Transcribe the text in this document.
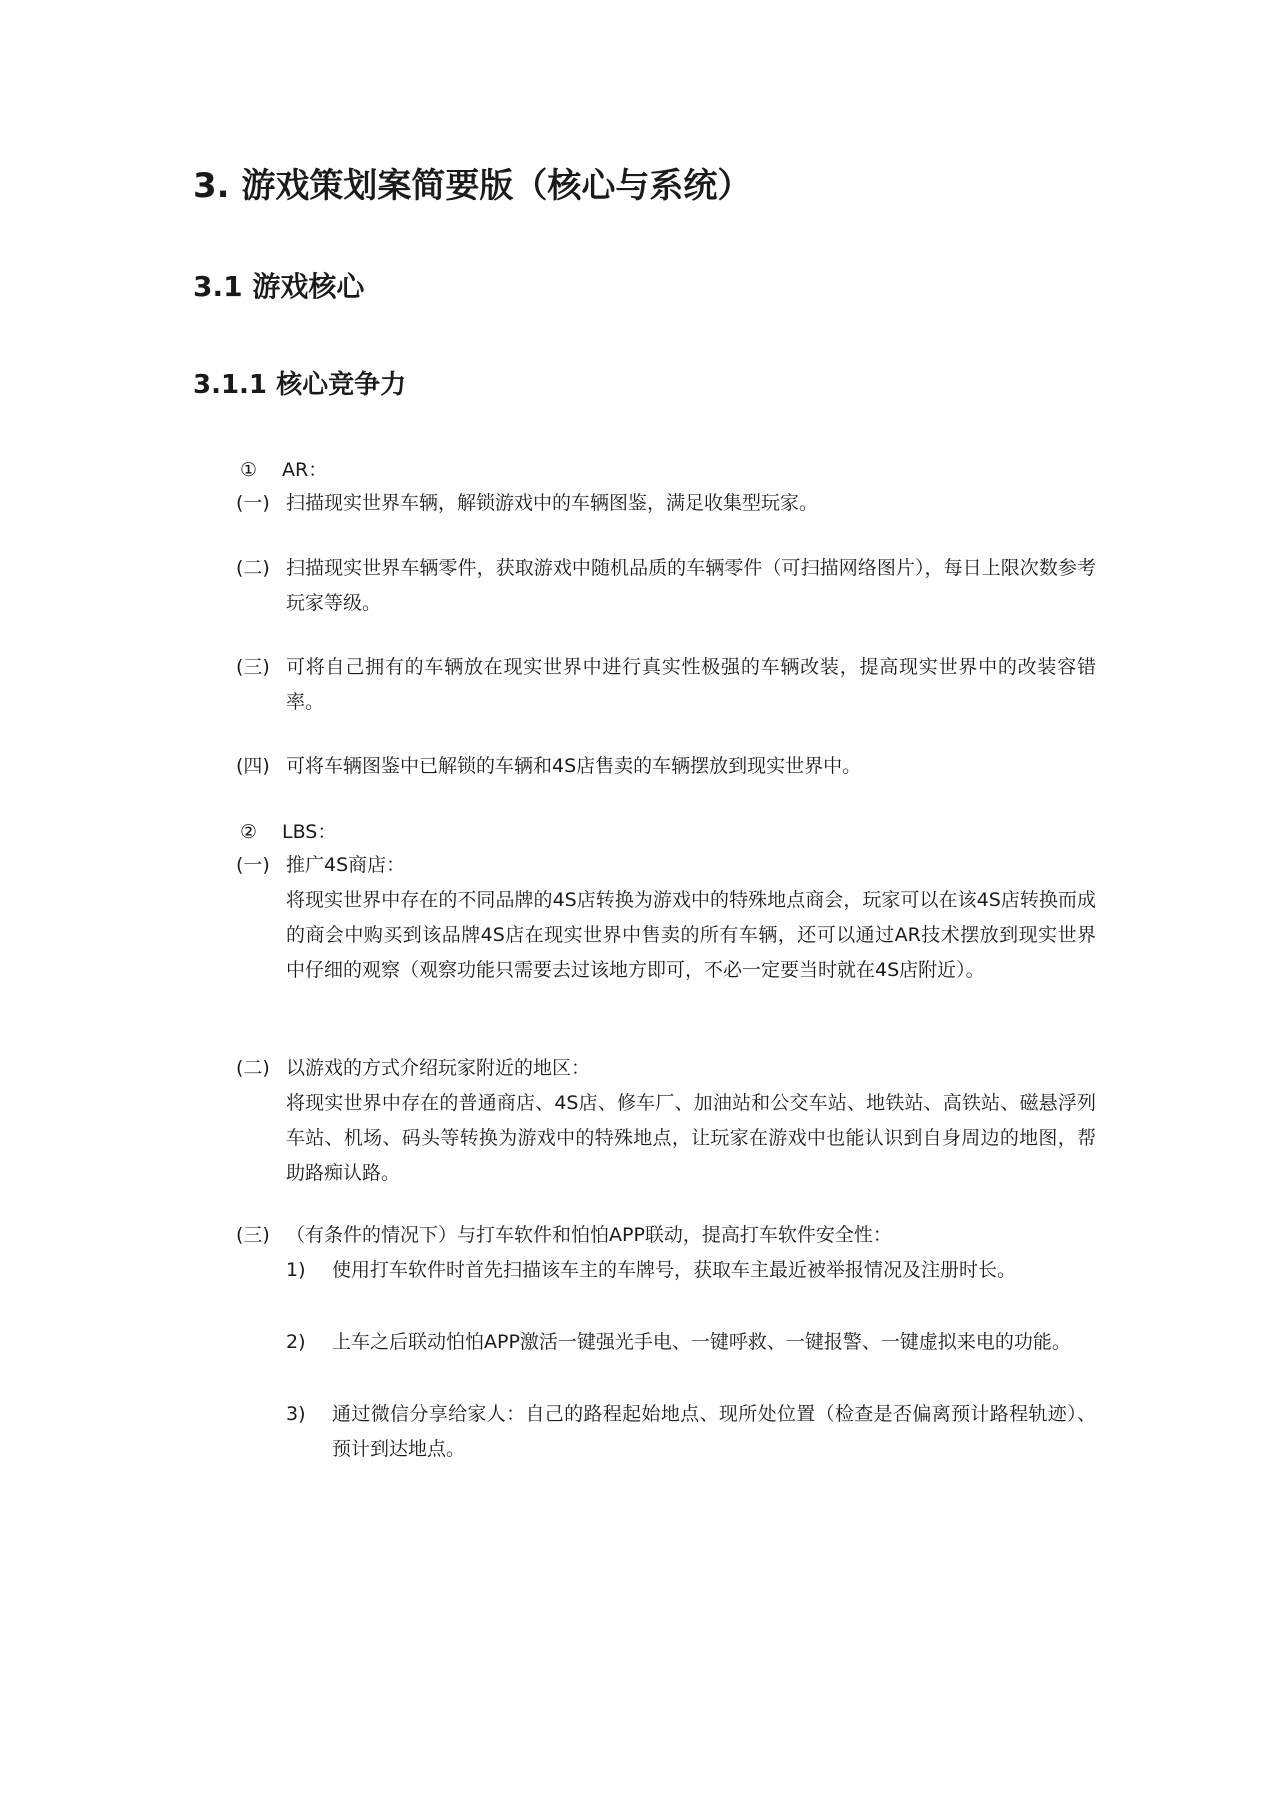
3. 游戏策划案简要版（核心与系统）
3.1 游戏核心
3.1.1 核心竞争力
① AR：
(一) 扫描现实世界车辆，解锁游戏中的车辆图鉴，满足收集型玩家。
(二) 扫描现实世界车辆零件，获取游戏中随机品质的车辆零件（可扫描网络图片），每日上限次数参考玩家等级。
(三) 可将自己拥有的车辆放在现实世界中进行真实性极强的车辆改装，提高现实世界中的改装容错率。
(四) 可将车辆图鉴中已解锁的车辆和4S店售卖的车辆摆放到现实世界中。
② LBS：
(一) 推广4S商店：
将现实世界中存在的不同品牌的4S店转换为游戏中的特殊地点商会，玩家可以在该4S店转换而成的商会中购买到该品牌4S店在现实世界中售卖的所有车辆，还可以通过AR技术摆放到现实世界中仔细的观察（观察功能只需要去过该地方即可，不必一定要当时就在4S店附近）。
(二) 以游戏的方式介绍玩家附近的地区：
将现实世界中存在的普通商店、4S店、修车厂、加油站和公交车站、地铁站、高铁站、磁悬浮列车站、机场、码头等转换为游戏中的特殊地点，让玩家在游戏中也能认识到自身周边的地图，帮助路痴认路。
(三) （有条件的情况下）与打车软件和怕怕APP联动，提高打车软件安全性：
1) 使用打车软件时首先扫描该车主的车牌号，获取车主最近被举报情况及注册时长。
2) 上车之后联动怕怕APP激活一键强光手电、一键呼救、一键报警、一键虚拟来电的功能。
3) 通过微信分享给家人：自己的路程起始地点、现所处位置（检查是否偏离预计路程轨迹）、预计到达地点。
